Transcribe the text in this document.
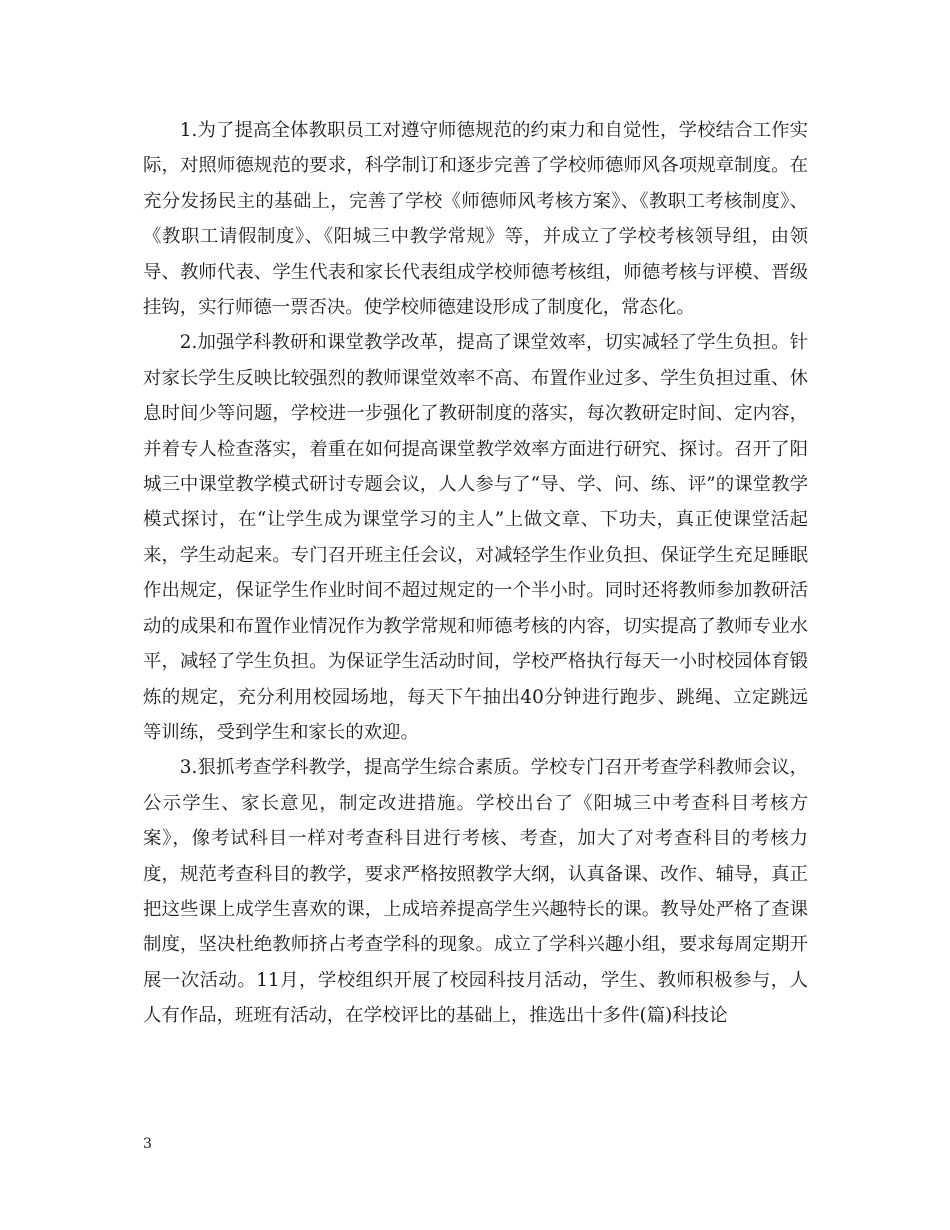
1.为了提高全体教职员工对遵守师德规范的约束力和自觉性，学校结合工作实际，对照师德规范的要求，科学制订和逐步完善了学校师德师风各项规章制度。在充分发扬民主的基础上，完善了学校《师德师风考核方案》、《教职工考核制度》、《教职工请假制度》、《阳城三中教学常规》等，并成立了学校考核领导组，由领导、教师代表、学生代表和家长代表组成学校师德考核组，师德考核与评模、晋级挂钩，实行师德一票否决。使学校师德建设形成了制度化，常态化。

2.加强学科教研和课堂教学改革，提高了课堂效率，切实减轻了学生负担。针对家长学生反映比较强烈的教师课堂效率不高、布置作业过多、学生负担过重、休息时间少等问题，学校进一步强化了教研制度的落实，每次教研定时间、定内容，并着专人检查落实，着重在如何提高课堂教学效率方面进行研究、探讨。召开了阳城三中课堂教学模式研讨专题会议，人人参与了“导、学、问、练、评”的课堂教学模式探讨，在“让学生成为课堂学习的主人”上做文章、下功夫，真正使课堂活起来，学生动起来。专门召开班主任会议，对减轻学生作业负担、保证学生充足睡眠作出规定，保证学生作业时间不超过规定的一个半小时。同时还将教师参加教研活动的成果和布置作业情况作为教学常规和师德考核的内容，切实提高了教师专业水平，减轻了学生负担。为保证学生活动时间，学校严格执行每天一小时校园体育锻炼的规定，充分利用校园场地，每天下午抽出40分钟进行跑步、跳绳、立定跳远等训练，受到学生和家长的欢迎。

3.狠抓考查学科教学，提高学生综合素质。学校专门召开考查学科教师会议，公示学生、家长意见，制定改进措施。学校出台了《阳城三中考查科目考核方案》，像考试科目一样对考查科目进行考核、考查，加大了对考查科目的考核力度，规范考查科目的教学，要求严格按照教学大纲，认真备课、改作、辅导，真正把这些课上成学生喜欢的课，上成培养提高学生兴趣特长的课。教导处严格了查课制度，坚决杜绝教师挤占考查学科的现象。成立了学科兴趣小组，要求每周定期开展一次活动。11月，学校组织开展了校园科技月活动，学生、教师积极参与，人人有作品，班班有活动，在学校评比的基础上，推选出十多件(篇)科技论

3
